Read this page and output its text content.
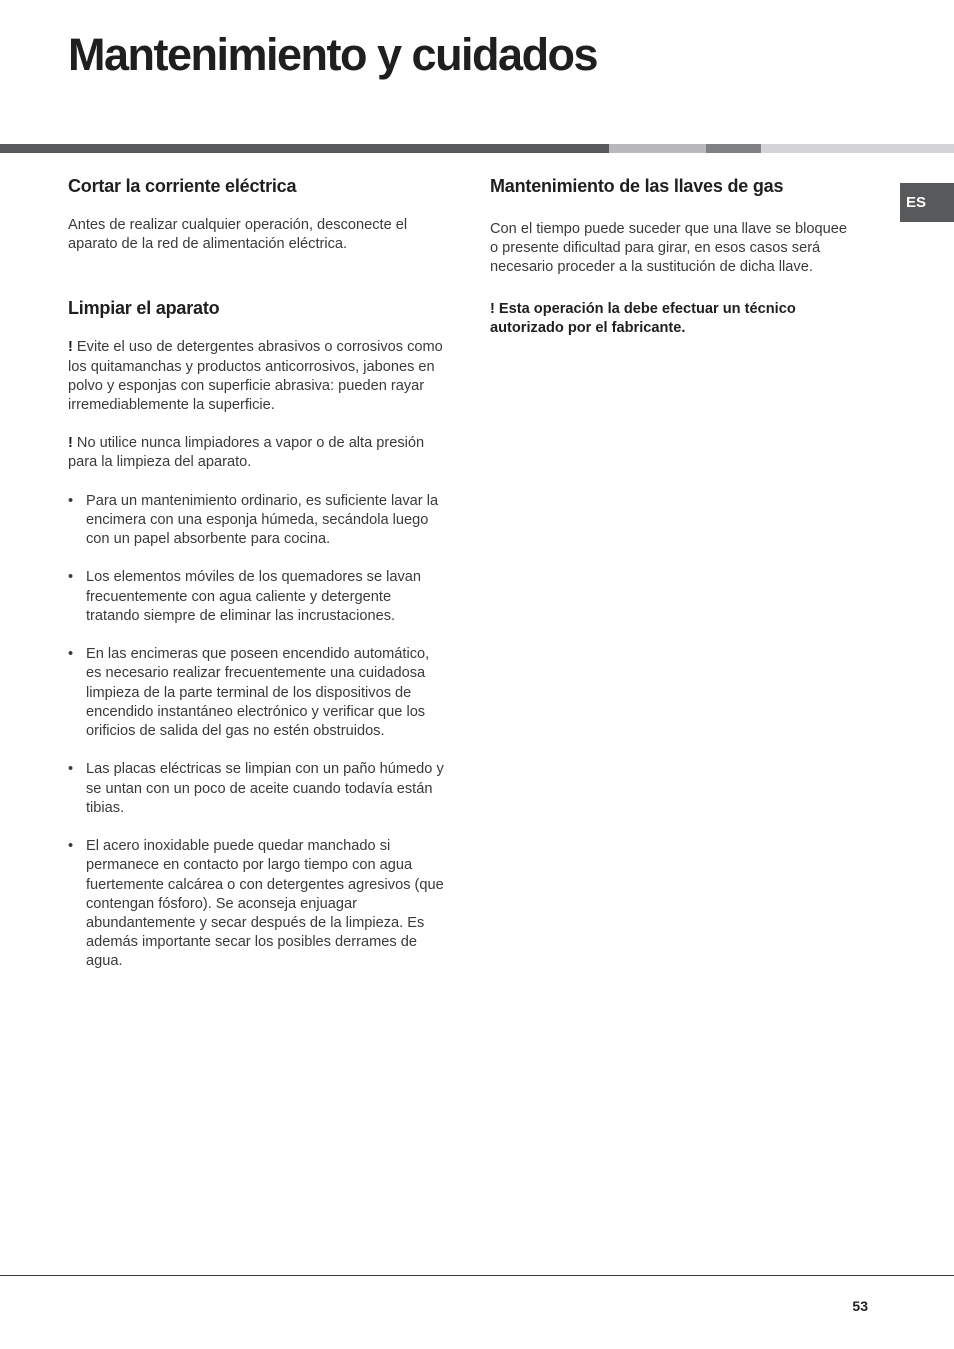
Mantenimiento y cuidados
ES
Cortar la corriente eléctrica

Antes de realizar cualquier operación, desconecte el aparato de la red de alimentación eléctrica.

Limpiar el aparato

! Evite el uso de detergentes abrasivos o corrosivos como los quitamanchas y productos anticorrosivos, jabones en polvo y esponjas con superficie abrasiva: pueden rayar irremediablemente la superficie.

! No utilice nunca limpiadores a vapor o de alta presión para la limpieza del aparato.

• Para un mantenimiento ordinario, es suficiente lavar la encimera con una esponja húmeda, secándola luego con un papel absorbente para cocina.
• Los elementos móviles de los quemadores se lavan frecuentemente con agua caliente y detergente tratando siempre de eliminar las incrustaciones.
• En las encimeras que poseen encendido automático, es necesario realizar frecuentemente una cuidadosa limpieza de la parte terminal de los dispositivos de encendido instantáneo electrónico y verificar que los orificios de salida del gas no estén obstruidos.
• Las placas eléctricas se limpian con un paño húmedo y se untan con un poco de aceite cuando todavía están tibias.
• El acero inoxidable puede quedar manchado si permanece en contacto por largo tiempo con agua fuertemente calcárea o con detergentes agresivos (que contengan fósforo). Se aconseja enjuagar abundantemente y secar después de la limpieza. Es además importante secar los posibles derrames de agua.
Mantenimiento de las llaves de gas

Con el tiempo puede suceder que una llave se bloquee o presente dificultad para girar, en esos casos será necesario proceder a la sustitución de dicha llave.

! Esta operación la debe efectuar un técnico autorizado por el fabricante.

53
